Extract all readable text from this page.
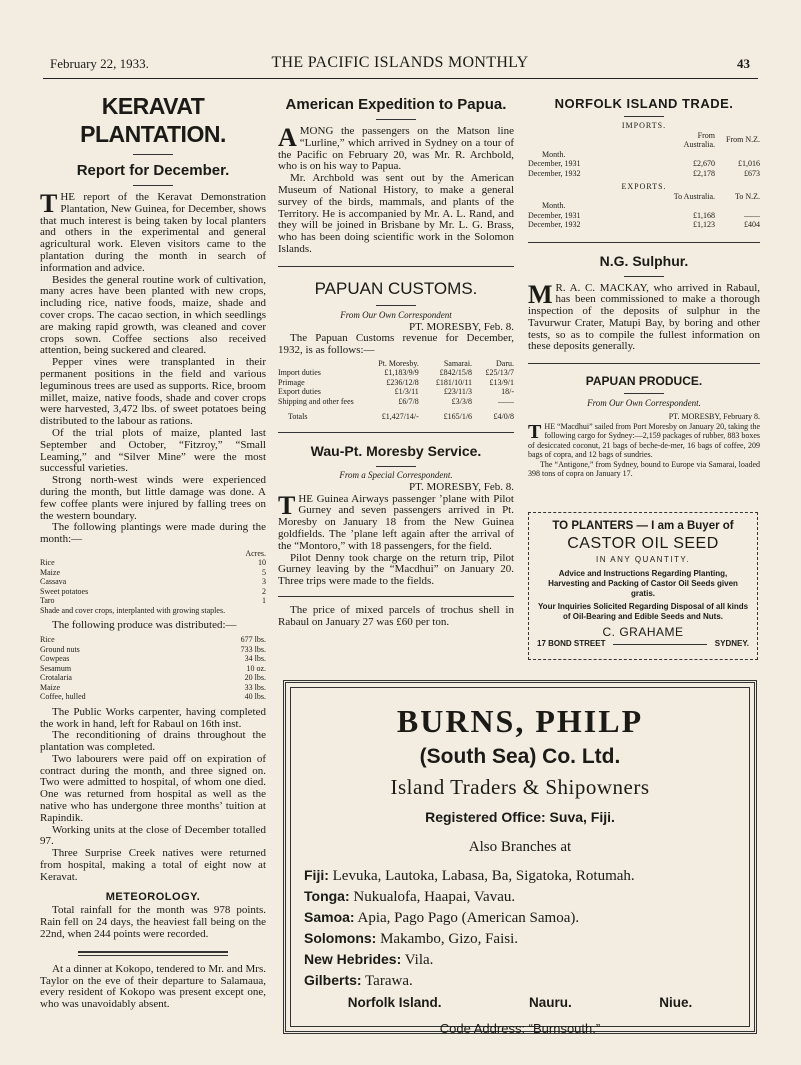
February 22, 1933.	THE PACIFIC ISLANDS MONTHLY	43
KERAVAT PLANTATION.
Report for December.

THE report of the Keravat Demonstration Plantation, New Guinea, for December, shows that much interest is being taken by local planters and others in the experimental and general agricultural work. Eleven visitors came to the plantation during the month in search of information and advice.

Besides the general routine work of cultivation, many acres have been planted with new crops, including rice, native foods, maize, shade and cover crops. The cacao section, in which seedlings are making rapid growth, was cleaned and cover crops sown. Coffee sections also received attention, being suckered and cleared.

Pepper vines were transplanted in their permanent positions in the field and various leguminous trees are used as supports. Rice, broom millet, maize, native foods, shade and cover crops were harvested, 3,472 lbs. of sweet potatoes being distributed to the labour as rations.

Of the trial plots of maize, planted last September and October, “Fitzroy,” “Small Leaming,” and “Silver Mine” were the most successful varieties.

Strong north-west winds were experienced during the month, but little damage was done. A few coffee plants were injured by falling trees on the western boundary.

The following plantings were made during the month:—

	Acres.
Rice	10
Maize	5
Cassava	3
Sweet potatoes	2
Taro	1
Shade and cover crops, interplanted with growing staples.	

The following produce was distributed:—

Rice	677 lbs.
Ground nuts	733 lbs.
Cowpeas	34 lbs.
Sesamum	10 oz.
Crotalaria	20 lbs.
Maize	33 lbs.
Coffee, hulled	40 lbs.

The Public Works carpenter, having completed the work in hand, left for Rabaul on 16th inst.

The reconditioning of drains throughout the plantation was completed.

Two labourers were paid off on expiration of contract during the month, and three signed on. Two were admitted to hospital, of whom one died. One was returned from hospital as well as the native who has undergone three months’ tuition at Rapindik.

Working units at the close of December totalled 97.

Three Surprise Creek natives were returned from hospital, making a total of eight now at Keravat.

METEOROLOGY.

Total rainfall for the month was 978 points. Rain fell on 24 days, the heaviest fall being on the 22nd, when 244 points were recorded.

At a dinner at Kokopo, tendered to Mr. and Mrs. Taylor on the eve of their departure to Salamaua, every resident of Kokopo was present except one, who was unavoidably absent.

American Expedition to Papua.

AMONG the passengers on the Matson line “Lurline,” which arrived in Sydney on a tour of the Pacific on February 20, was Mr. R. Archbold, who is on his way to Papua.

Mr. Archbold was sent out by the American Museum of National History, to make a general survey of the birds, mammals, and plants of the Territory. He is accompanied by Mr. A. L. Rand, and they will be joined in Brisbane by Mr. L. G. Brass, who has been doing scientific work in the Solomon Islands.

PAPUAN CUSTOMS.
From Our Own Correspondent
PT. MORESBY, Feb. 8.

The Papuan Customs revenue for December, 1932, is as follows:—

	Pt. Moresby.	Samarai.	Daru.
Import duties	£1,183/9/9	£842/15/8	£25/13/7
Primage	£236/12/8	£181/10/11	£13/9/1
Export duties	£1/3/11	£23/11/3	18/-
Shipping and other fees	£6/7/8	£3/3/8	——
Totals	£1,427/14/-	£165/1/6	£4/0/8
Wau-Pt. Moresby Service.
From a Special Correspondent.
PT. MORESBY, Feb. 8.

THE Guinea Airways passenger ’plane with Pilot Gurney and seven passengers arrived in Pt. Moresby on January 18 from the New Guinea goldfields. The ’plane left again after the arrival of the “Montoro,” with 18 passengers, for the field.

Pilot Denny took charge on the return trip, Pilot Gurney leaving by the “Macdhui” on January 20. Three trips were made to the fields.

The price of mixed parcels of trochus shell in Rabaul on January 27 was £60 per ton.

NORFOLK ISLAND TRADE.
IMPORTS.
	From Australia.	From N.Z.
Month.		
December, 1931	£2,670	£1,016
December, 1932	£2,178	£673
EXPORTS.
	To Australia.	To N.Z.
Month.		
December, 1931	£1,168	——
December, 1932	£1,123	£404
N.G. Sulphur.

M R. A. C. MACKAY, who arrived in Rabaul, has been commissioned to make a thorough inspection of the deposits of sulphur in the Tavurwur Crater, Matupi Bay, by boring and other tests, so as to compile the fullest information on these deposits generally.

PAPUAN PRODUCE.
From Our Own Correspondent.
PT. MORESBY, February 8.

THE “Macdhui” sailed from Port Moresby on January 20, taking the following cargo for Sydney:—2,159 packages of rubber, 883 boxes of desiccated coconut, 21 bags of beche-de-mer, 16 bags of coffee, 209 bags of copra, and 12 bags of sundries.

The “Antigone,” from Sydney, bound to Europe via Samarai, loaded 398 tons of copra on January 17.

TO PLANTERS — I am a Buyer of
CASTOR OIL SEED
IN ANY QUANTITY.
Advice and Instructions Regarding Planting, Harvesting and Packing of Castor Oil Seeds given gratis.
Your Inquiries Solicited Regarding Disposal of all kinds of Oil-Bearing and Edible Seeds and Nuts.
C. GRAHAME
17 BOND STREET	SYDNEY.
BURNS, PHILP
(South Sea) Co. Ltd.
Island Traders & Shipowners
Registered Office: Suva, Fiji.
Also Branches at
Fiji: Levuka, Lautoka, Labasa, Ba, Sigatoka, Rotumah.
Tonga: Nukualofa, Haapai, Vavau.
Samoa: Apia, Pago Pago (American Samoa).
Solomons: Makambo, Gizo, Faisi.
New Hebrides: Vila.
Gilberts: Tarawa.
Norfolk Island.	Nauru.	Niue.
Code Address: “Burnsouth.”
